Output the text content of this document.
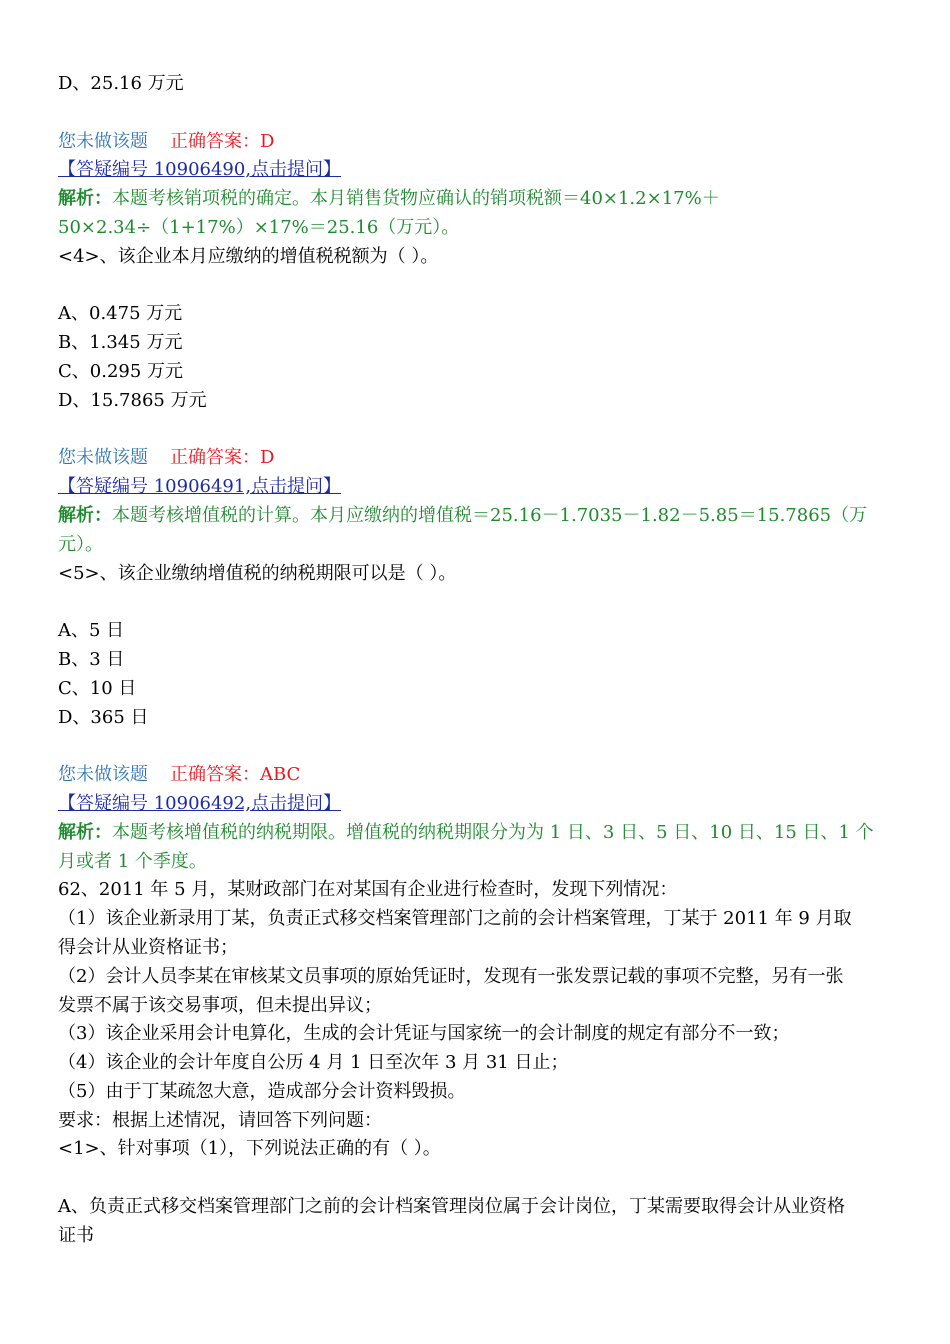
D、25.16 万元

您未做该题 正确答案：D

【答疑编号 10906490,点击提问】

解析：本题考核销项税的确定。本月销售货物应确认的销项税额＝40×1.2×17%＋

50×2.34÷（1+17%）×17%＝25.16（万元）。

<4>、该企业本月应缴纳的增值税税额为（ ）。

A、0.475 万元

B、1.345 万元

C、0.295 万元

D、15.7865 万元

您未做该题 正确答案：D

【答疑编号 10906491,点击提问】

解析：本题考核增值税的计算。本月应缴纳的增值税＝25.16－1.7035－1.82－5.85＝15.7865（万

元）。

<5>、该企业缴纳增值税的纳税期限可以是（ ）。

A、5 日

B、3 日

C、10 日

D、365 日

您未做该题 正确答案：ABC

【答疑编号 10906492,点击提问】

解析：本题考核增值税的纳税期限。增值税的纳税期限分为为 1 日、3 日、5 日、10 日、15 日、1 个

月或者 1 个季度。

62、2011 年 5 月，某财政部门在对某国有企业进行检查时，发现下列情况：

（1）该企业新录用丁某，负责正式移交档案管理部门之前的会计档案管理，丁某于 2011 年 9 月取

得会计从业资格证书；

（2）会计人员李某在审核某文员事项的原始凭证时，发现有一张发票记载的事项不完整，另有一张

发票不属于该交易事项，但未提出异议；

（3）该企业采用会计电算化，生成的会计凭证与国家统一的会计制度的规定有部分不一致；

（4）该企业的会计年度自公历 4 月 1 日至次年 3 月 31 日止；

（5）由于丁某疏忽大意，造成部分会计资料毁损。

要求：根据上述情况，请回答下列问题：

<1>、针对事项（1），下列说法正确的有（ ）。

A、负责正式移交档案管理部门之前的会计档案管理岗位属于会计岗位，丁某需要取得会计从业资格

证书
